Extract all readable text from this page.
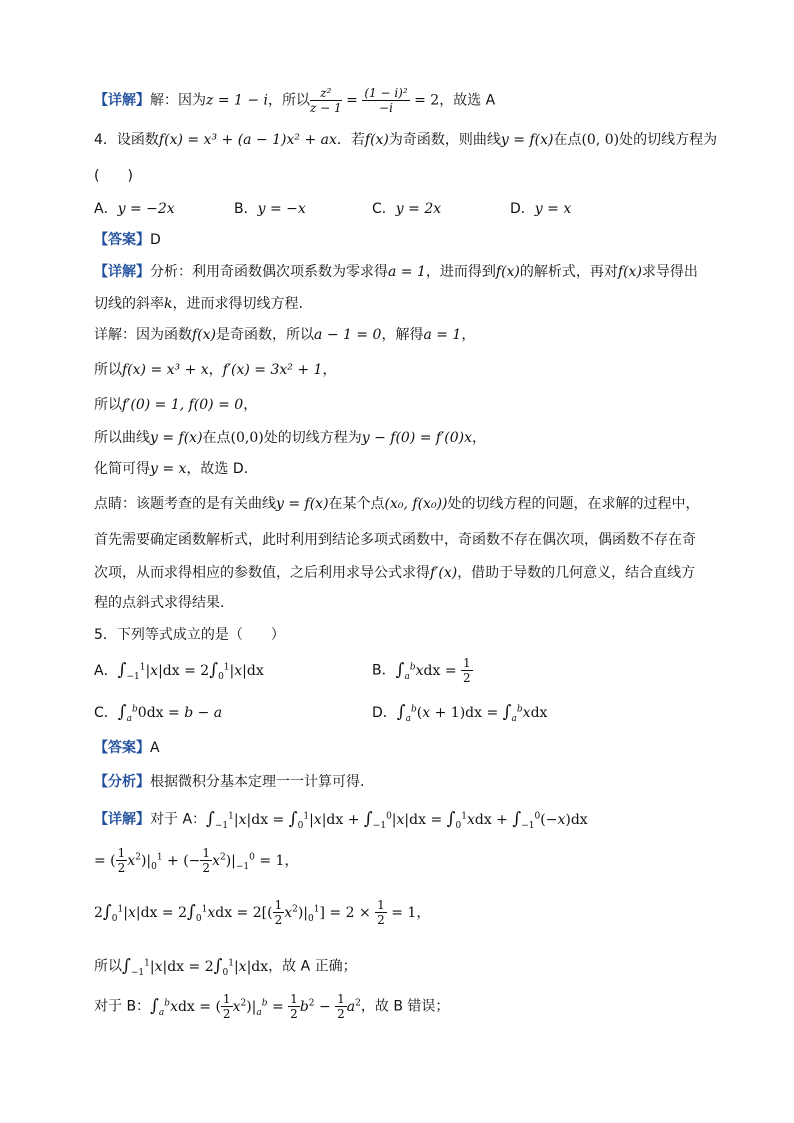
【详解】解：因为z = 1 − i，所以 $\frac{\text{z²}}{z - 1} = \frac{\text{(1 − i)²}}{-i} = 2$，故选 A
4．设函数f(x) = x³ + (a − 1)x² + ax．若f(x)为奇函数，则曲线y = f(x)在点(0, 0)处的切线方程为
(　　)
A．y = −2x	B．y = −x	C．y = 2x	D．y = x
【答案】D
【详解】分析：利用奇函数偶次项系数为零求得a = 1，进而得到f(x)的解析式，再对f(x)求导得出
切线的斜率k，进而求得切线方程.
详解：因为函数f(x)是奇函数，所以a − 1 = 0，解得a = 1，
所以f(x) = x³ + x，f′(x) = 3x² + 1，
所以f′(0) = 1, f(0) = 0，
所以曲线y = f(x)在点(0,0)处的切线方程为y − f(0) = f′(0)x，
化简可得y = x，故选 D.
点睛：该题考查的是有关曲线y = f(x)在某个点(x₀, f(x₀))处的切线方程的问题，在求解的过程中，
首先需要确定函数解析式，此时利用到结论多项式函数中，奇函数不存在偶次项，偶函数不存在奇
次项，从而求得相应的参数值，之后利用求导公式求得f′(x)，借助于导数的几何意义，结合直线方
程的点斜式求得结果.
5．下列等式成立的是（　　）
A．$\int_{-1}^1|x|dx = 2\int_0^1|x|dx$	B．$\int_a^bxdx = \frac{1}{2}$
C．$\int_a^b0dx = b - a$	D．$\int_a^b(x + 1)dx = \int_a^bxdx$
【答案】A
【分析】根据微积分基本定理一一计算可得.
【详解】对于 A：$\int_{-1}^1|x|dx = \int_0^1|x|dx + \int_{-1}^0|x|dx = \int_0^1xdx + \int_{-1}^0(-x)dx$
= ( $\frac{1}{2} x^2)|_0^1$ + (− $\frac{1}{2} x^2)|_{-1}^0 = 1$，
$2\int_0^1|x|dx = 2\int_0^1xdx = 2[( \frac{1}{2} x^2)|_0^1] = 2 \times \frac{1}{2} = 1$，
所以$\int_{-1}^1|x|dx = 2\int_0^1|x|dx$，故 A 正确；
对于 B：$\int_a^bxdx$ = ( $\frac{1}{2} x^2)|_a^b = \frac{1}{2} b^2 - \frac{1}{2} a^2$，故 B 错误；
